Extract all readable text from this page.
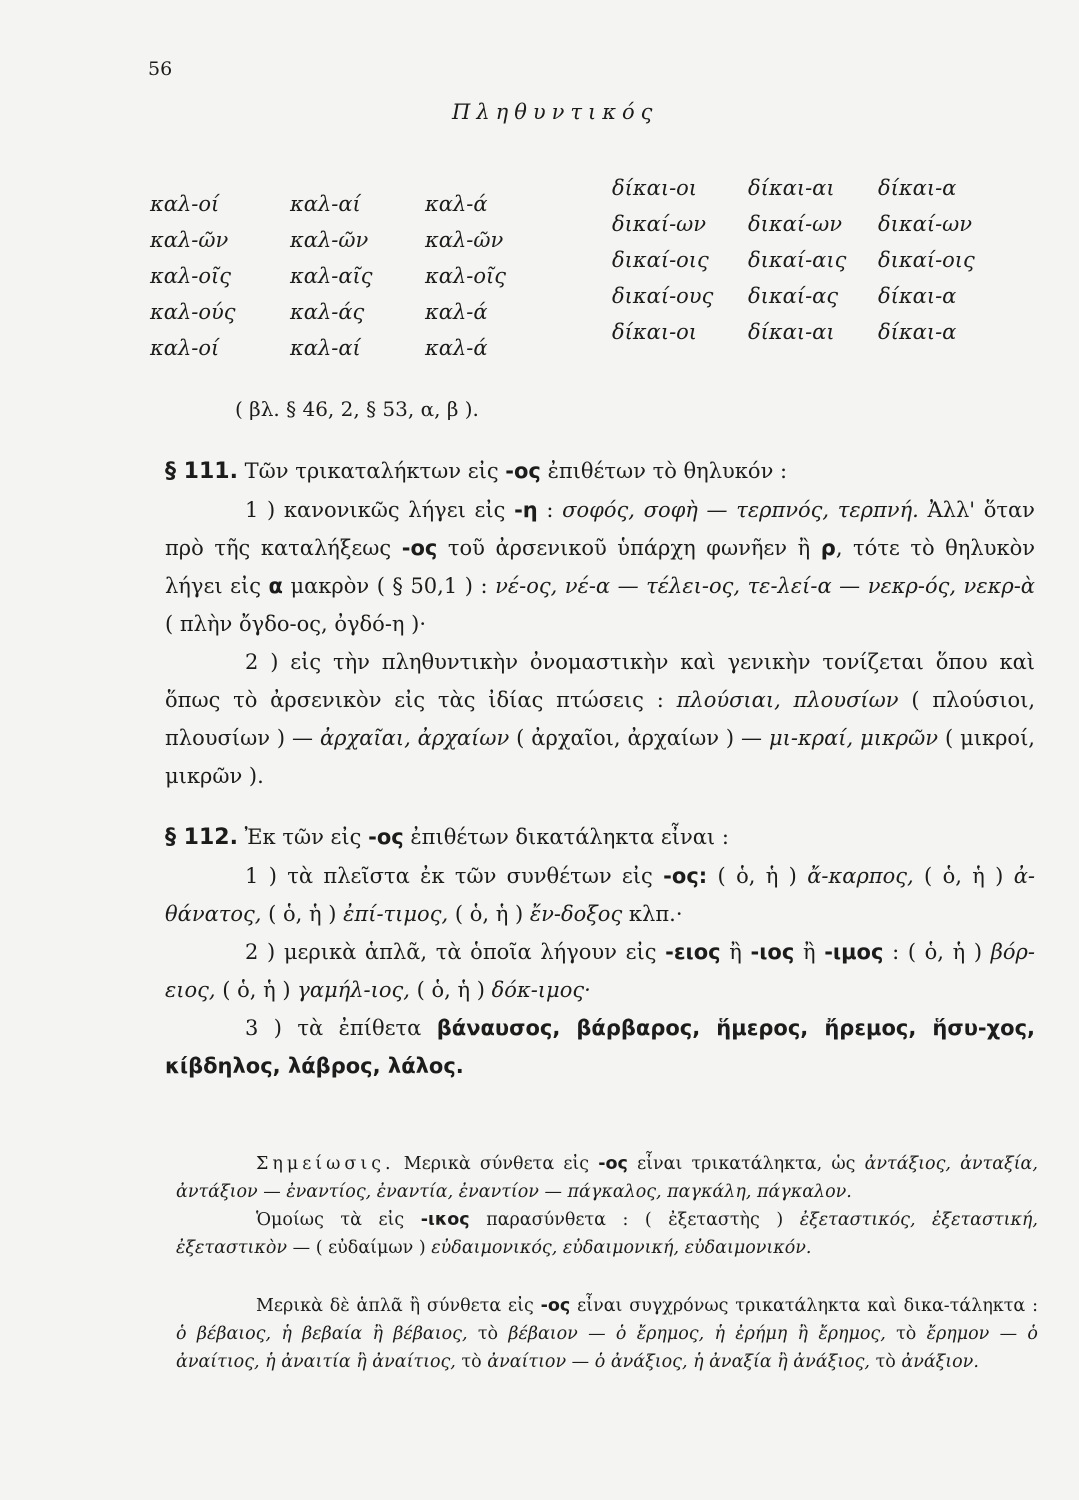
56
Πληθυντικός
καλ-οί
καλ-ῶν
καλ-οῖς
καλ-ούς
καλ-οί
καλ-αί
καλ-ῶν
καλ-αῖς
καλ-άς
καλ-αί
καλ-ά
καλ-ῶν
καλ-οῖς
καλ-ά
καλ-ά
δίκαι-οι
δικαί-ων
δικαί-οις
δικαί-ους
δίκαι-οι
δίκαι-αι
δικαί-ων
δικαί-αις
δικαί-ας
δίκαι-αι
δίκαι-α
δικαί-ων
δικαί-οις
δίκαι-α
δίκαι-α
( βλ. § 46, 2, § 53, α, β ).

§ 111. Τῶν τρικαταλήκτων εἰς -ος ἐπιθέτων τὸ θηλυκόν :

1 ) κανονικῶς λήγει εἰς -η : σοφός, σοφὴ — τερπνός, τερπνή. Ἀλλ' ὅταν πρὸ τῆς καταλήξεως -ος τοῦ ἀρσενικοῦ ὑπάρχη φωνῆεν ἢ ρ, τότε τὸ θηλυκὸν λήγει εἰς α μακρὸν ( § 50,1 ) : νέ-ος, νέ-α — τέλει-ος, τε-λεί-α — νεκρ-ός, νεκρ-ὰ ( πλὴν ὄγδο-ος, ὀγδό-η )·

2 ) εἰς τὴν πληθυντικὴν ὀνομαστικὴν καὶ γενικὴν τονίζεται ὅπου καὶ ὅπως τὸ ἀρσενικὸν εἰς τὰς ἰδίας πτώσεις : πλούσιαι, πλουσίων ( πλούσιοι, πλουσίων ) — ἀρχαῖαι, ἀρχαίων ( ἀρχαῖοι, ἀρχαίων ) — μι-κραί, μικρῶν ( μικροί, μικρῶν ).

§ 112. Ἐκ τῶν εἰς -ος ἐπιθέτων δικατάληκτα εἶναι :

1 ) τὰ πλεῖστα ἐκ τῶν συνθέτων εἰς -ος: ( ὁ, ἡ ) ἄ-καρπος, ( ὁ, ἡ ) ἀ-θάνατος, ( ὁ, ἡ ) ἐπί-τιμος, ( ὁ, ἡ ) ἔν-δοξος κλπ.·

2 ) μερικὰ ἁπλᾶ, τὰ ὁποῖα λήγουν εἰς -ειος ἢ -ιος ἢ -ιμος : ( ὁ, ἡ ) βόρ-ειος, ( ὁ, ἡ ) γαμήλ-ιος, ( ὁ, ἡ ) δόκ-ιμος·

3 ) τὰ ἐπίθετα βάναυσος, βάρβαρος, ἥμερος, ἤρεμος, ἥσυ-χος, κίβδηλος, λάβρος, λάλος.

Σημείωσις. Μερικὰ σύνθετα εἰς -ος εἶναι τρικατάληκτα, ὡς ἀντάξιος, ἀνταξία, ἀντάξιον — ἐναντίος, ἐναντία, ἐναντίον — πάγκαλος, παγκάλη, πάγκαλον.

Ὁμοίως τὰ εἰς -ικος παρασύνθετα : ( ἐξεταστὴς ) ἐξεταστικός, ἐξεταστική, ἐξεταστικὸν — ( εὐδαίμων ) εὐδαιμονικός, εὐδαιμονική, εὐδαιμονικόν.

Μερικὰ δὲ ἁπλᾶ ἢ σύνθετα εἰς -ος εἶναι συγχρόνως τρικατάληκτα καὶ δικα-τάληκτα : ὁ βέβαιος, ἡ βεβαία ἢ βέβαιος, τὸ βέβαιον — ὁ ἔρημος, ἡ ἐρήμη ἢ ἔρημος, τὸ ἔρημον — ὁ ἀναίτιος, ἡ ἀναιτία ἢ ἀναίτιος, τὸ ἀναίτιον — ὁ ἀνάξιος, ἡ ἀναξία ἢ ἀνάξιος, τὸ ἀνάξιον.
